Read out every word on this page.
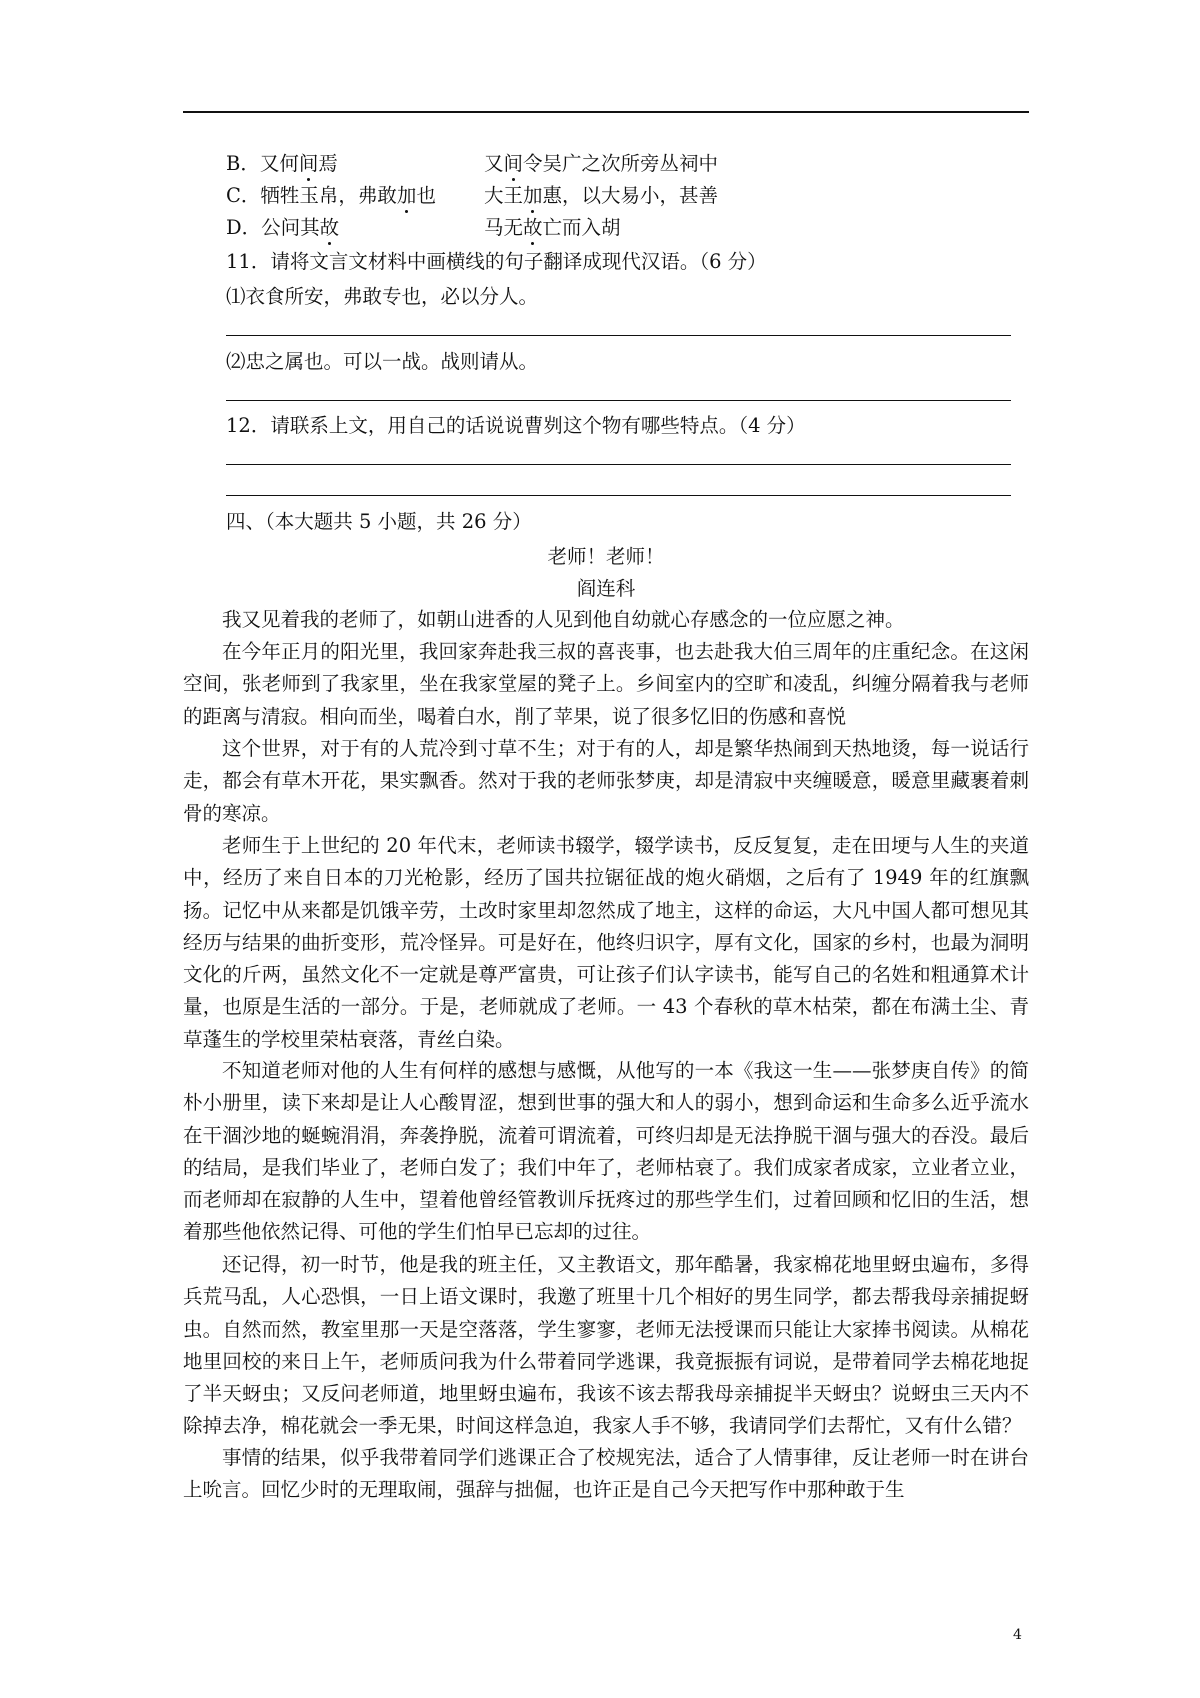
B．又何间焉	又间令吴广之次所旁丛祠中
C．牺牲玉帛，弗敢加也 大王加惠，以大易小，甚善
D．公问其故	马无故亡而入胡
11．请将文言文材料中画横线的句子翻译成现代汉语。（6 分）
⑴衣食所安，弗敢专也，必以分人。
⑵忠之属也。可以一战。战则请从。
12．请联系上文，用自己的话说说曹刿这个物有哪些特点。（4 分）
四、（本大题共 5 小题，共 26 分）
老师！老师！
阎连科

我又见着我的老师了，如朝山进香的人见到他自幼就心存感念的一位应愿之神。

在今年正月的阳光里，我回家奔赴我三叔的喜丧事，也去赴我大伯三周年的庄重纪念。在这闲空间，张老师到了我家里，坐在我家堂屋的凳子上。乡间室内的空旷和凌乱，纠缠分隔着我与老师的距离与清寂。相向而坐，喝着白水，削了苹果，说了很多忆旧的伤感和喜悦

这个世界，对于有的人荒冷到寸草不生；对于有的人，却是繁华热闹到天热地烫，每一说话行走，都会有草木开花，果实飘香。然对于我的老师张梦庚，却是清寂中夹缠暖意，暖意里藏裹着刺骨的寒凉。

老师生于上世纪的 20 年代末，老师读书辍学，辍学读书，反反复复，走在田埂与人生的夹道中，经历了来自日本的刀光枪影，经历了国共拉锯征战的炮火硝烟，之后有了 1949 年的红旗飘扬。记忆中从来都是饥饿辛劳，土改时家里却忽然成了地主，这样的命运，大凡中国人都可想见其经历与结果的曲折变形，荒冷怪异。可是好在，他终归识字，厚有文化，国家的乡村，也最为洞明文化的斤两，虽然文化不一定就是尊严富贵，可让孩子们认字读书，能写自己的名姓和粗通算术计量，也原是生活的一部分。于是，老师就成了老师。一 43 个春秋的草木枯荣，都在布满土尘、青草蓬生的学校里荣枯衰落，青丝白染。

不知道老师对他的人生有何样的感想与感慨，从他写的一本《我这一生——张梦庚自传》的简朴小册里，读下来却是让人心酸胃涩，想到世事的强大和人的弱小，想到命运和生命多么近乎流水在干涸沙地的蜒蜿涓涓，奔袭挣脱，流着可谓流着，可终归却是无法挣脱干涸与强大的吞没。最后的结局，是我们毕业了，老师白发了；我们中年了，老师枯衰了。我们成家者成家，立业者立业，而老师却在寂静的人生中，望着他曾经管教训斥抚疼过的那些学生们，过着回顾和忆旧的生活，想着那些他依然记得、可他的学生们怕早已忘却的过往。

还记得，初一时节，他是我的班主任，又主教语文，那年酷暑，我家棉花地里蚜虫遍布，多得兵荒马乱，人心恐惧，一日上语文课时，我邀了班里十几个相好的男生同学，都去帮我母亲捕捉蚜虫。自然而然，教室里那一天是空落落，学生寥寥，老师无法授课而只能让大家捧书阅读。从棉花地里回校的来日上午，老师质问我为什么带着同学逃课，我竟振振有词说，是带着同学去棉花地捉了半天蚜虫；又反问老师道，地里蚜虫遍布，我该不该去帮我母亲捕捉半天蚜虫？说蚜虫三天内不除掉去净，棉花就会一季无果，时间这样急迫，我家人手不够，我请同学们去帮忙，又有什么错？

事情的结果，似乎我带着同学们逃课正合了校规宪法，适合了人情事律，反让老师一时在讲台上吮言。回忆少时的无理取闹，强辞与拙倔，也许正是自己今天把写作中那种敢于生

4
